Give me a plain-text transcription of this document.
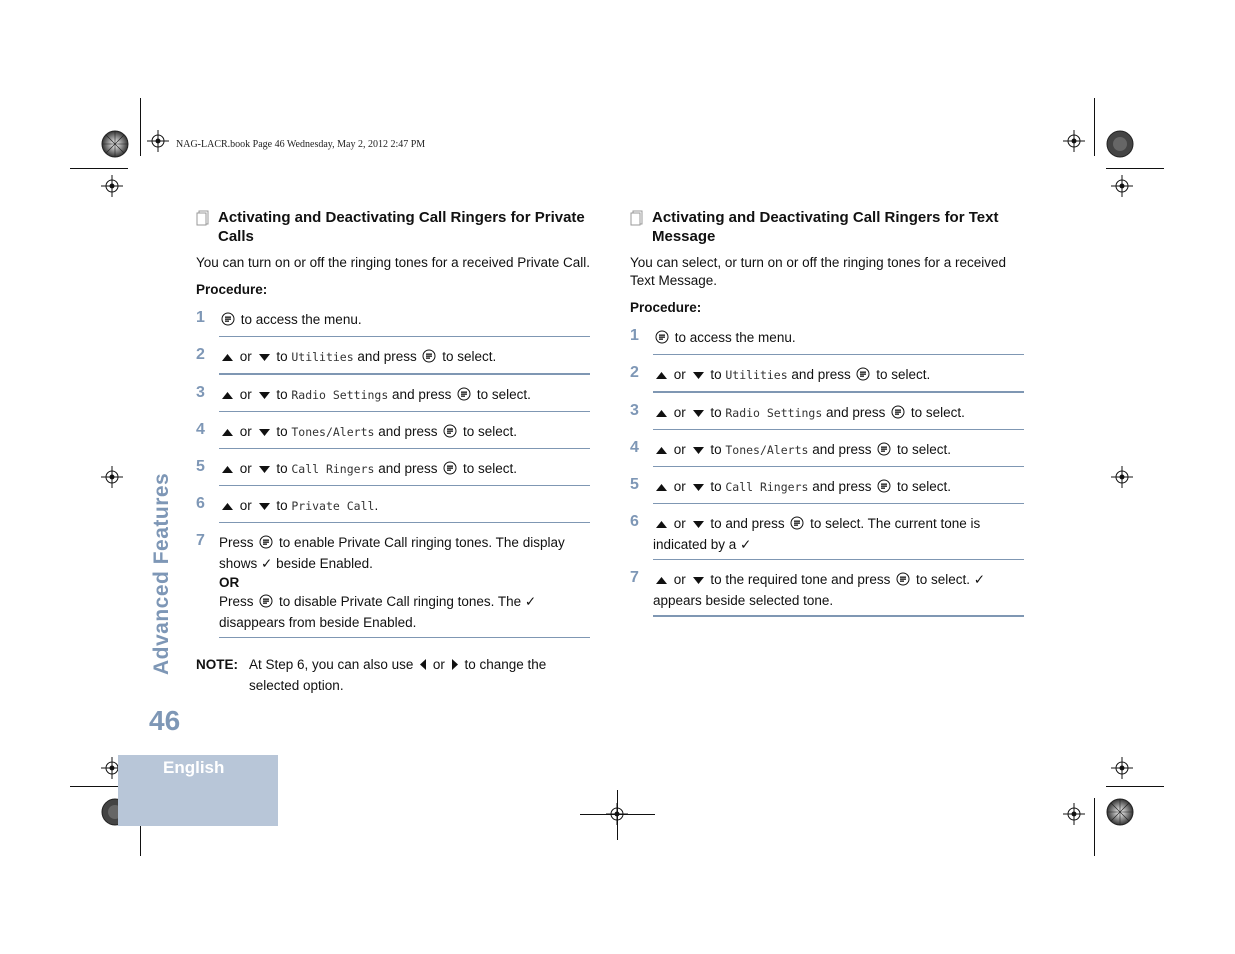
NAG-LACR.book Page 46 Wednesday, May 2, 2012 2:47 PM
Activating and Deactivating Call Ringers for Private Calls

You can turn on or off the ringing tones for a received Private Call.

Procedure:

1	to access the menu.
2	or to Utilities and press to select.
3	or to Radio Settings and press to select.
4	or to Tones/Alerts and press to select.
5	or to Call Ringers and press to select.
6	or to Private Call.
7 Press to enable Private Call ringing tones. The display shows ✓ beside Enabled.
OR
Press to disable Private Call ringing tones. The ✓ disappears from beside Enabled.
NOTE: At Step 6, you can also use or to change the selected option.
Activating and Deactivating Call Ringers for Text Message

You can select, or turn on or off the ringing tones for a received Text Message.

Procedure:

1	to access the menu.
2	or to Utilities and press to select.
3	or to Radio Settings and press to select.
4	or to Tones/Alerts and press to select.
5	or to Call Ringers and press to select.
6	or to and press to select. The current tone is indicated by a ✓
7	or to the required tone and press to select. ✓ appears beside selected tone.
Advanced Features
46
English
